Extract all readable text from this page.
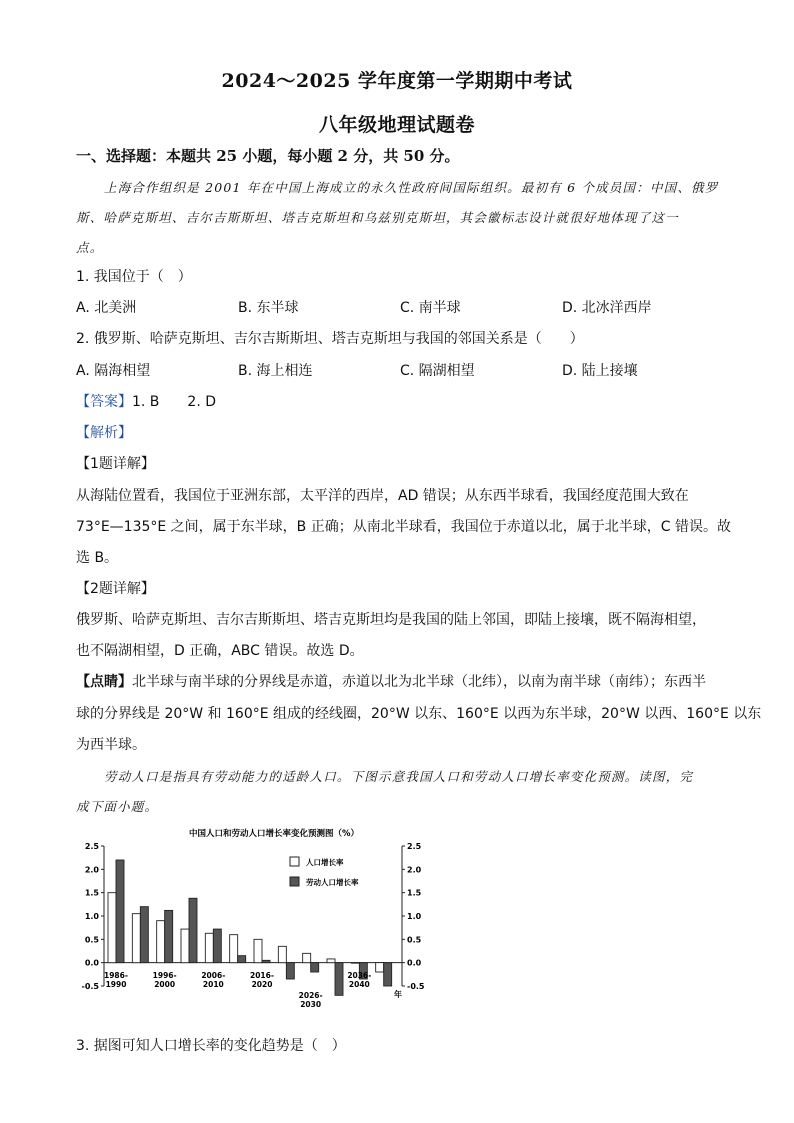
2024～2025 学年度第一学期期中考试
八年级地理试题卷
一、选择题：本题共 25 小题，每小题 2 分，共 50 分。
上海合作组织是 2001 年在中国上海成立的永久性政府间国际组织。最初有 6 个成员国：中国、俄罗
斯、哈萨克斯坦、吉尔吉斯斯坦、塔吉克斯坦和乌兹别克斯坦，其会徽标志设计就很好地体现了这一
点。
1. 我国位于（　）
A. 北美洲	B. 东半球	C. 南半球	D. 北冰洋西岸
2. 俄罗斯、哈萨克斯坦、吉尔吉斯斯坦、塔吉克斯坦与我国的邻国关系是（　　）
A. 隔海相望	B. 海上相连	C. 隔湖相望	D. 陆上接壤
【答案】1. B　　2. D
【解析】
【1题详解】
从海陆位置看，我国位于亚洲东部，太平洋的西岸，AD 错误；从东西半球看，我国经度范围大致在
73°E—135°E 之间，属于东半球，B 正确；从南北半球看，我国位于赤道以北，属于北半球，C 错误。故
选 B。
【2题详解】
俄罗斯、哈萨克斯坦、吉尔吉斯斯坦、塔吉克斯坦均是我国的陆上邻国，即陆上接壤，既不隔海相望，
也不隔湖相望，D 正确，ABC 错误。故选 D。
【点睛】北半球与南半球的分界线是赤道，赤道以北为北半球（北纬），以南为南半球（南纬）；东西半
球的分界线是 20°W 和 160°E 组成的经线圈，20°W 以东、160°E 以西为东半球，20°W 以西、160°E 以东
为西半球。
劳动人口是指具有劳动能力的适龄人口。下图示意我国人口和劳动人口增长率变化预测。读图，完
成下面小题。
中国人口和劳动人口增长率变化预测图（%）
2.5	2.5
2.0	2.0
1.5	1.5
1.0	1.0
0.5	0.5
0.0	0.0
-0.5	-0.5
1986-
1990
1996-
2000
2006-
2010
2016-
2020
2026-
2030
2036-
2040
年
人口增长率
劳动人口增长率
3. 据图可知人口增长率的变化趋势是（　）
